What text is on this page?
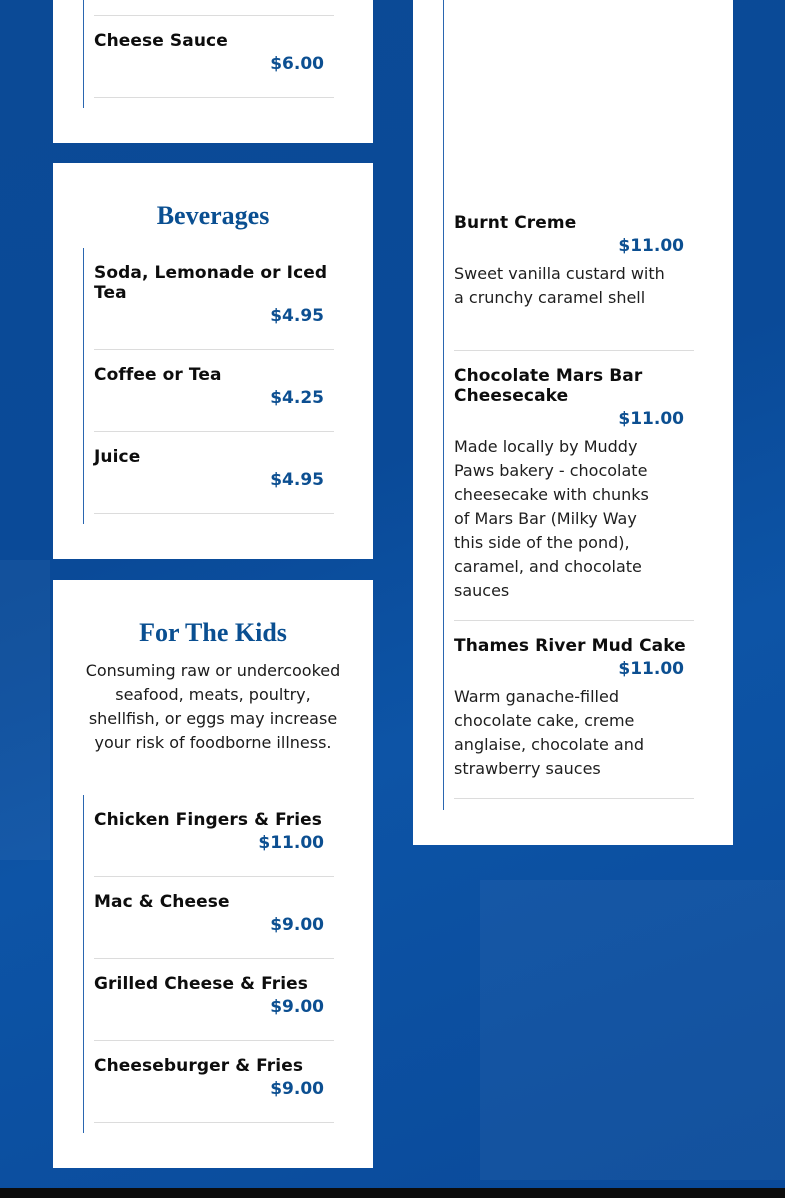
Cheese Sauce
$6.00
Beverages
Soda, Lemonade or Iced Tea
$4.95
Coffee or Tea
$4.25
Juice
$4.95
For The Kids

Consuming raw or undercooked seafood, meats, poultry, shellfish, or eggs may increase your risk of foodborne illness.

Chicken Fingers & Fries
$11.00
Mac & Cheese
$9.00
Grilled Cheese & Fries
$9.00
Cheeseburger & Fries
$9.00
Burnt Creme
$11.00
Sweet vanilla custard with a crunchy caramel shell
Chocolate Mars Bar Cheesecake
$11.00
Made locally by Muddy Paws bakery - chocolate cheesecake with chunks of Mars Bar (Milky Way this side of the pond), caramel, and chocolate sauces
Thames River Mud Cake
$11.00
Warm ganache-filled chocolate cake, creme anglaise, chocolate and strawberry sauces
